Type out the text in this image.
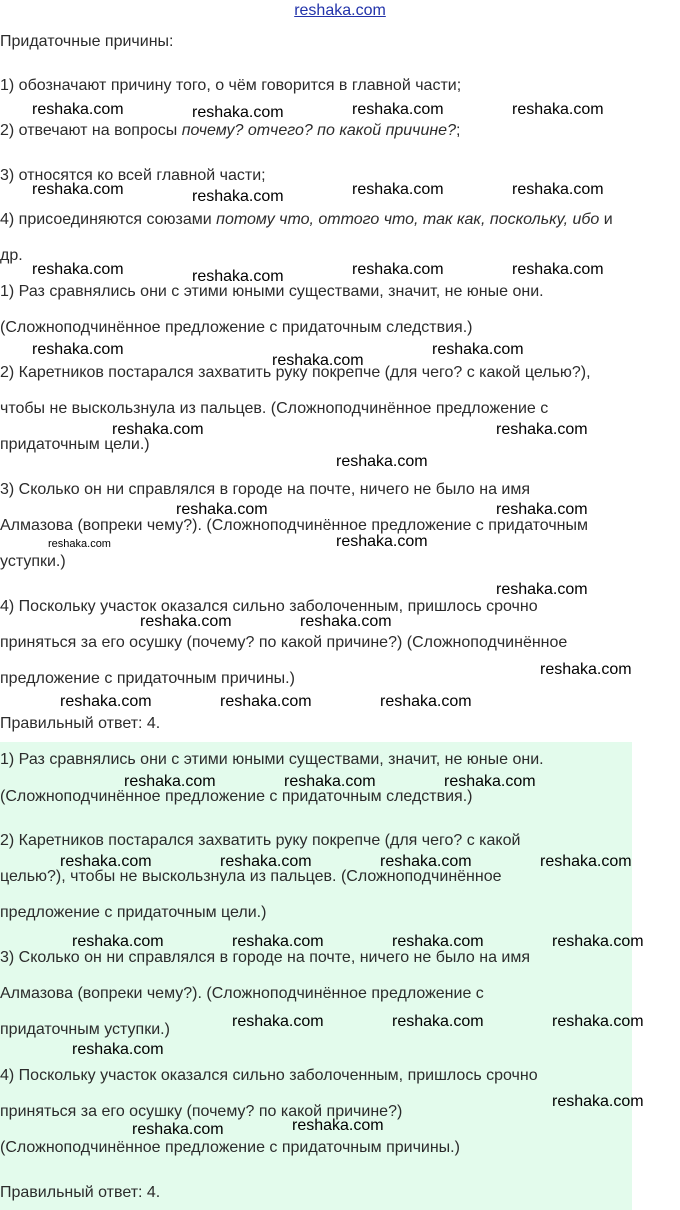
reshaka.com
Придаточные причины:
1) обозначают причину того, о чём говорится в главной части;
2) отвечают на вопросы почему? отчего? по какой причине?;
3) относятся ко всей главной части;
4) присоединяются союзами потому что, оттого что, так как, поскольку, ибо и
др.
1) Раз сравнялись они с этими юными существами, значит, не юные они.
(Сложноподчинённое предложение с придаточным следствия.)
2) Каретников постарался захватить руку покрепче (для чего? с какой целью?),
чтобы не выскользнула из пальцев. (Сложноподчинённое предложение с
придаточным цели.)
3) Сколько он ни справлялся в городе на почте, ничего не было на имя
Алмазова (вопреки чему?). (Сложноподчинённое предложение с придаточным
уступки.)
4) Поскольку участок оказался сильно заболоченным, пришлось срочно
приняться за его осушку (почему? по какой причине?) (Сложноподчинённое
предложение с придаточным причины.)
Правильный ответ: 4.
1) Раз сравнялись они с этими юными существами, значит, не юные они.
(Сложноподчинённое предложение с придаточным следствия.)
2) Каретников постарался захватить руку покрепче (для чего? с какой
целью?), чтобы не выскользнула из пальцев. (Сложноподчинённое
предложение с придаточным цели.)
3) Сколько он ни справлялся в городе на почте, ничего не было на имя
Алмазова (вопреки чему?). (Сложноподчинённое предложение с
придаточным уступки.)
4) Поскольку участок оказался сильно заболоченным, пришлось срочно
приняться за его осушку (почему? по какой причине?)
(Сложноподчинённое предложение с придаточным причины.)
Правильный ответ: 4.
reshaka.com	reshaka.com	reshaka.com	reshaka.com
reshaka.com	reshaka.com	reshaka.com	reshaka.com
reshaka.com	reshaka.com	reshaka.com	reshaka.com
reshaka.com
reshaka.com
reshaka.com
reshaka.com	reshaka.com
reshaka.com
reshaka.com	reshaka.com
reshaka.com	reshaka.com
reshaka.com
reshaka.com	reshaka.com
reshaka.com
reshaka.com	reshaka.com	reshaka.com
reshaka.com	reshaka.com	reshaka.com
reshaka.com	reshaka.com	reshaka.com	reshaka.com
reshaka.com	reshaka.com	reshaka.com	reshaka.com
reshaka.com	reshaka.com	reshaka.com
reshaka.com
reshaka.com
reshaka.com	reshaka.com
